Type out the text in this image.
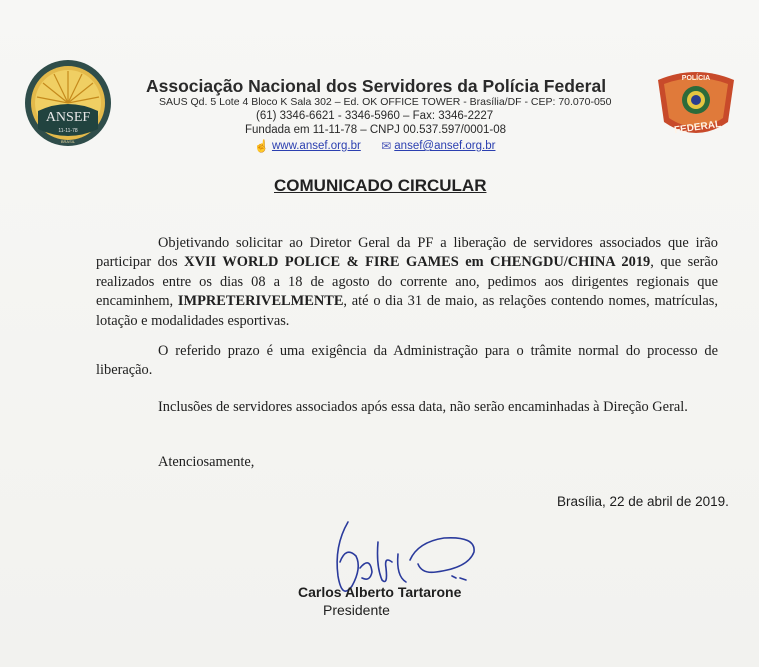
ANSEF
11-11-78
BRASIL
POLÍCIA
FEDERAL
Associação Nacional dos Servidores da Polícia Federal
SAUS Qd. 5 Lote 4 Bloco K Sala 302 – Ed. OK OFFICE TOWER - Brasília/DF - CEP: 70.070-050
(61) 3346-6621 - 3346-5960 – Fax: 3346-2227
Fundada em 11-11-78 – CNPJ 00.537.597/0001-08
☝ www.ansef.org.br ✉ ansef@ansef.org.br
COMUNICADO CIRCULAR
Objetivando solicitar ao Diretor Geral da PF a liberação de servidores associados que irão participar dos XVII WORLD POLICE & FIRE GAMES em CHENGDU/CHINA 2019, que serão realizados entre os dias 08 a 18 de agosto do corrente ano, pedimos aos dirigentes regionais que encaminhem, IMPRETERIVELMENTE, até o dia 31 de maio, as relações contendo nomes, matrículas, lotação e modalidades esportivas.
O referido prazo é uma exigência da Administração para o trâmite normal do processo de liberação.
Inclusões de servidores associados após essa data, não serão encaminhadas à Direção Geral.
Atenciosamente,
Brasília, 22 de abril de 2019.
Carlos Alberto Tartarone
Presidente
